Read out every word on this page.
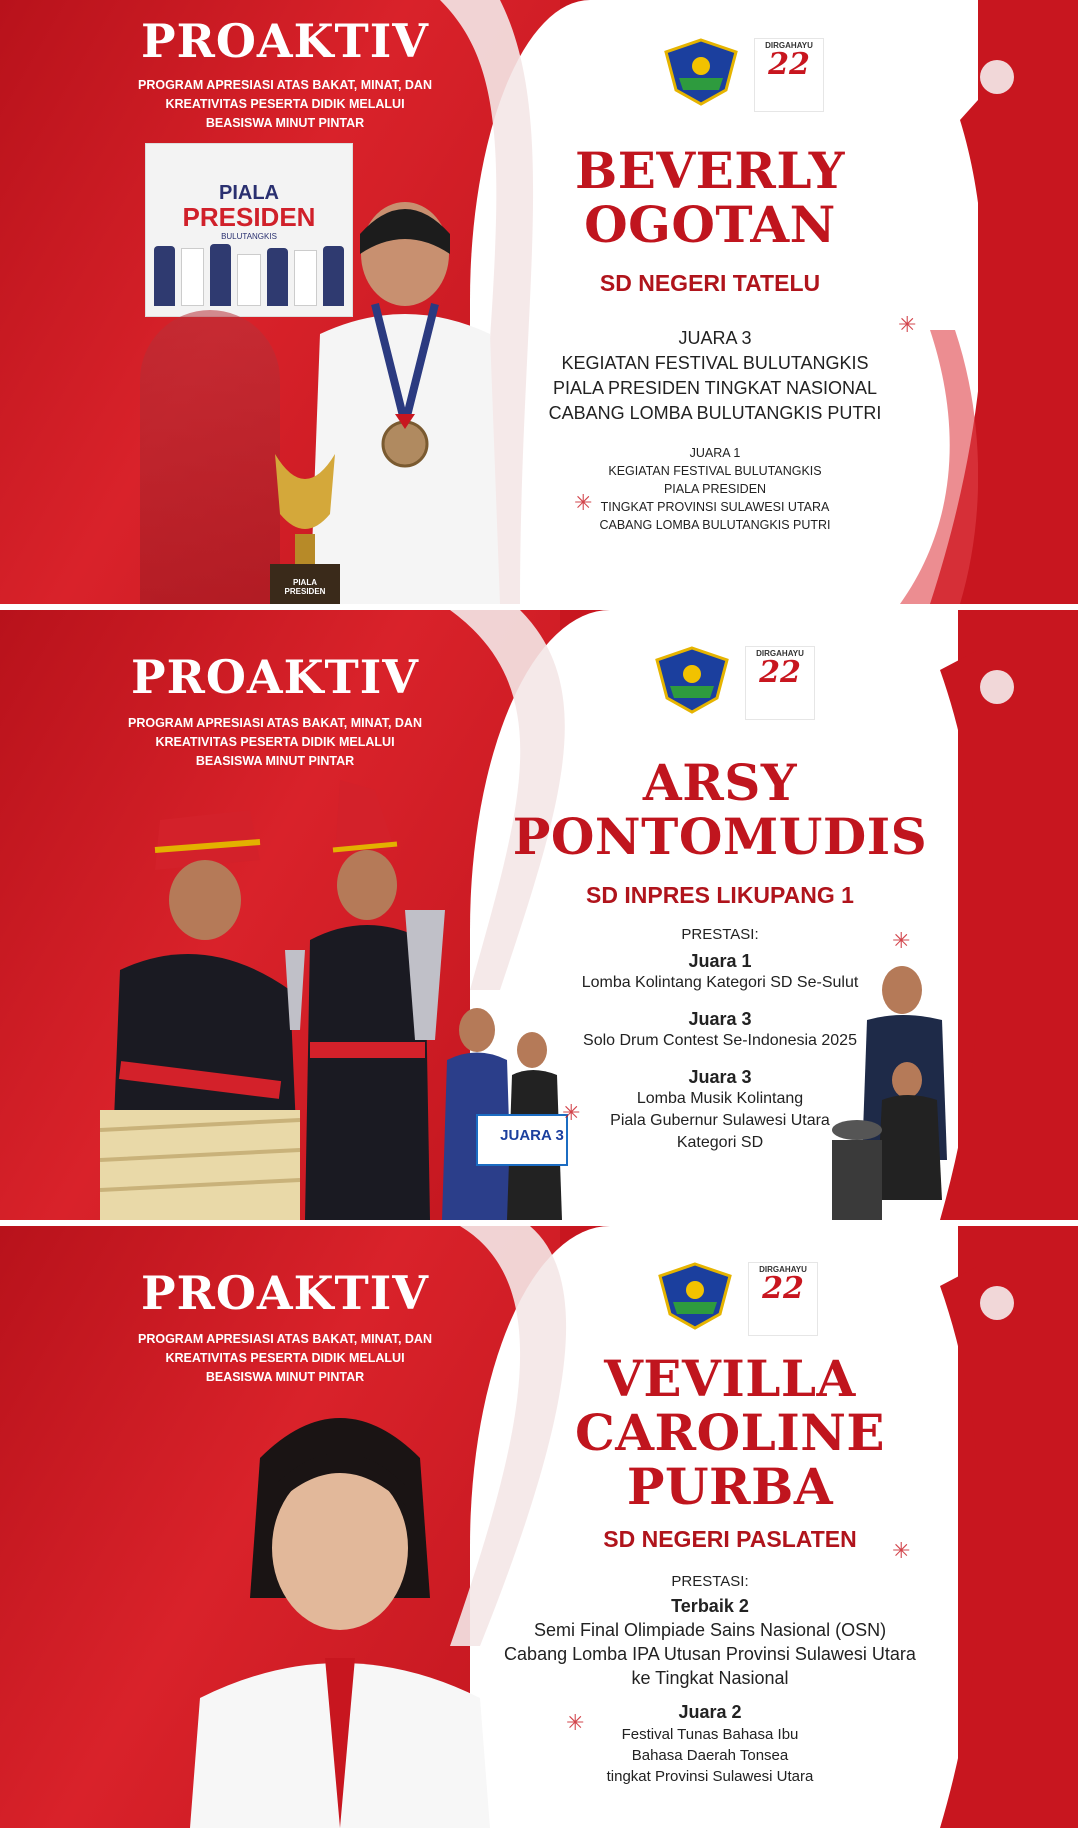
PROAKTIV
PROGRAM APRESIASI ATAS BAKAT, MINAT, DAN
KREATIVITAS PESERTA DIDIK MELALUI
BEASISWA MINUT PINTAR
PIALA
PRESIDEN
BULUTANGKIS
PIALA
PRESIDEN
DIRGAHAYU
22
BEVERLY
OGOTAN
SD NEGERI TATELU
JUARA 3
KEGIATAN FESTIVAL BULUTANGKIS
PIALA PRESIDEN TINGKAT NASIONAL
CABANG LOMBA BULUTANGKIS PUTRI
JUARA 1
KEGIATAN FESTIVAL BULUTANGKIS
PIALA PRESIDEN
TINGKAT PROVINSI SULAWESI UTARA
CABANG LOMBA BULUTANGKIS PUTRI
✳
✳
PROAKTIV
PROGRAM APRESIASI ATAS BAKAT, MINAT, DAN
KREATIVITAS PESERTA DIDIK MELALUI
BEASISWA MINUT PINTAR
JUARA 3
DIRGAHAYU
22
ARSY
PONTOMUDIS
SD INPRES LIKUPANG 1
PRESTASI:
Juara 1
Lomba Kolintang Kategori SD Se-Sulut
Juara 3
Solo Drum Contest Se-Indonesia 2025
Juara 3
Lomba Musik Kolintang
Piala Gubernur Sulawesi Utara
Kategori SD
✳
✳
PROAKTIV
PROGRAM APRESIASI ATAS BAKAT, MINAT, DAN
KREATIVITAS PESERTA DIDIK MELALUI
BEASISWA MINUT PINTAR
DIRGAHAYU
22
VEVILLA
CAROLINE
PURBA
SD NEGERI PASLATEN
PRESTASI:
Terbaik 2
Semi Final Olimpiade Sains Nasional (OSN)
Cabang Lomba IPA Utusan Provinsi Sulawesi Utara
ke Tingkat Nasional
Juara 2
Festival Tunas Bahasa Ibu
Bahasa Daerah Tonsea
tingkat Provinsi Sulawesi Utara
✳
✳
